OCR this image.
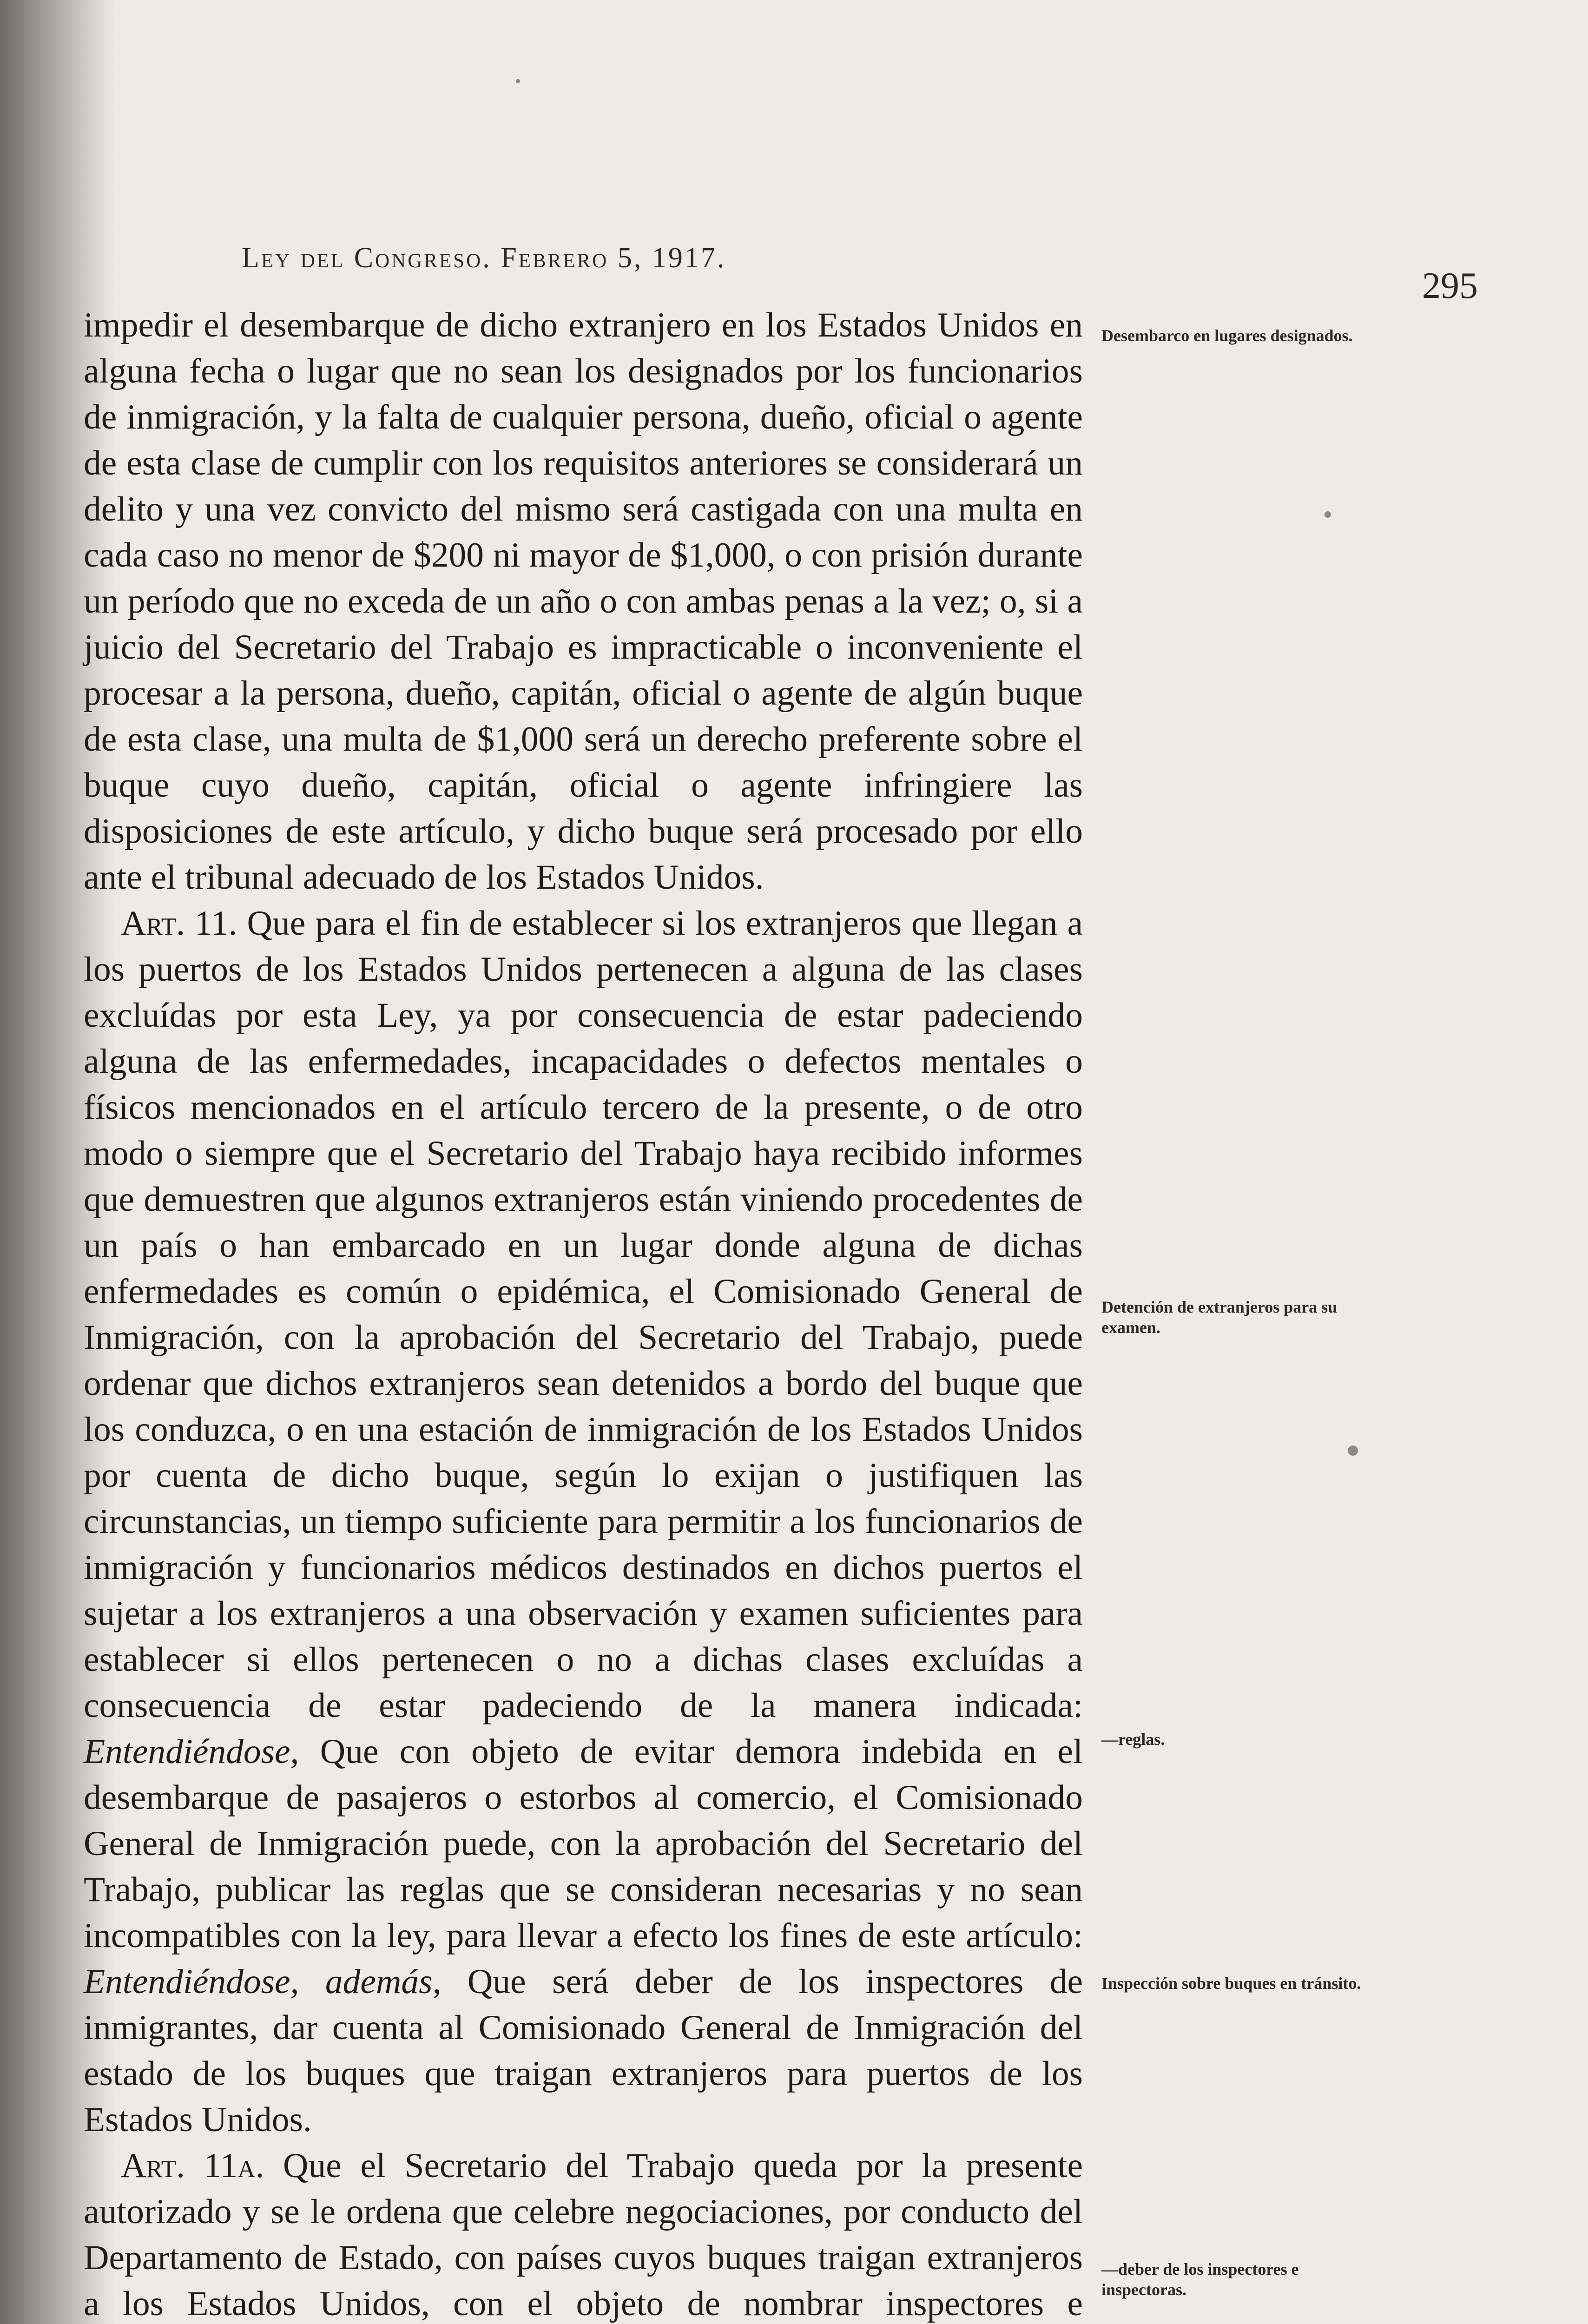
Ley del Congreso. Febrero 5, 1917.
295

impedir el desembarque de dicho extranjero en los Estados Unidos en alguna fecha o lugar que no sean los designados por los funcionarios de inmigración, y la falta de cualquier persona, dueño, oficial o agente de esta clase de cumplir con los requisitos anteriores se considerará un delito y una vez convicto del mismo será castigada con una multa en cada caso no menor de $200 ni mayor de $1,000, o con prisión durante un período que no exceda de un año o con ambas penas a la vez; o, si a juicio del Secretario del Trabajo es impracticable o inconveniente el procesar a la persona, dueño, capitán, oficial o agente de algún buque de esta clase, una multa de $1,000 será un derecho preferente sobre el buque cuyo dueño, capitán, oficial o agente infringiere las disposiciones de este artículo, y dicho buque será procesado por ello ante el tribunal adecuado de los Estados Unidos.

Art. 11. Que para el fin de establecer si los extranjeros que llegan a los puertos de los Estados Unidos pertenecen a alguna de las clases excluídas por esta Ley, ya por consecuencia de estar padeciendo alguna de las enfermedades, incapacidades o defectos mentales o físicos mencionados en el artículo tercero de la presente, o de otro modo o siempre que el Secretario del Trabajo haya recibido informes que demuestren que algunos extranjeros están viniendo procedentes de un país o han embarcado en un lugar donde alguna de dichas enfermedades es común o epidémica, el Comisionado General de Inmigración, con la aprobación del Secretario del Trabajo, puede ordenar que dichos extranjeros sean detenidos a bordo del buque que los conduzca, o en una estación de inmigración de los Estados Unidos por cuenta de dicho buque, según lo exijan o justifiquen las circunstancias, un tiempo suficiente para permitir a los funcionarios de inmigración y funcionarios médicos destinados en dichos puertos el sujetar a los extranjeros a una observación y examen suficientes para establecer si ellos pertenecen o no a dichas clases excluídas a consecuencia de estar padeciendo de la manera indicada: Entendiéndose, Que con objeto de evitar demora indebida en el desembarque de pasajeros o estorbos al comercio, el Comisionado General de Inmigración puede, con la aprobación del Secretario del Trabajo, publicar las reglas que se consideran necesarias y no sean incompatibles con la ley, para llevar a efecto los fines de este artículo: Entendiéndose, además, Que será deber de los inspectores de inmigrantes, dar cuenta al Comisionado General de Inmigración del estado de los buques que traigan extranjeros para puertos de los Estados Unidos.

Art. 11a. Que el Secretario del Trabajo queda por la presente autorizado y se le ordena que celebre negociaciones, por conducto del Departamento de Estado, con países cuyos buques traigan extranjeros a los Estados Unidos, con el objeto de nombrar inspectores e

Desembarco en lugares designados.
Detención de extranjeros para su examen.
—reglas.
Inspección sobre buques en tránsito.
—deber de los inspectores e inspectoras.
